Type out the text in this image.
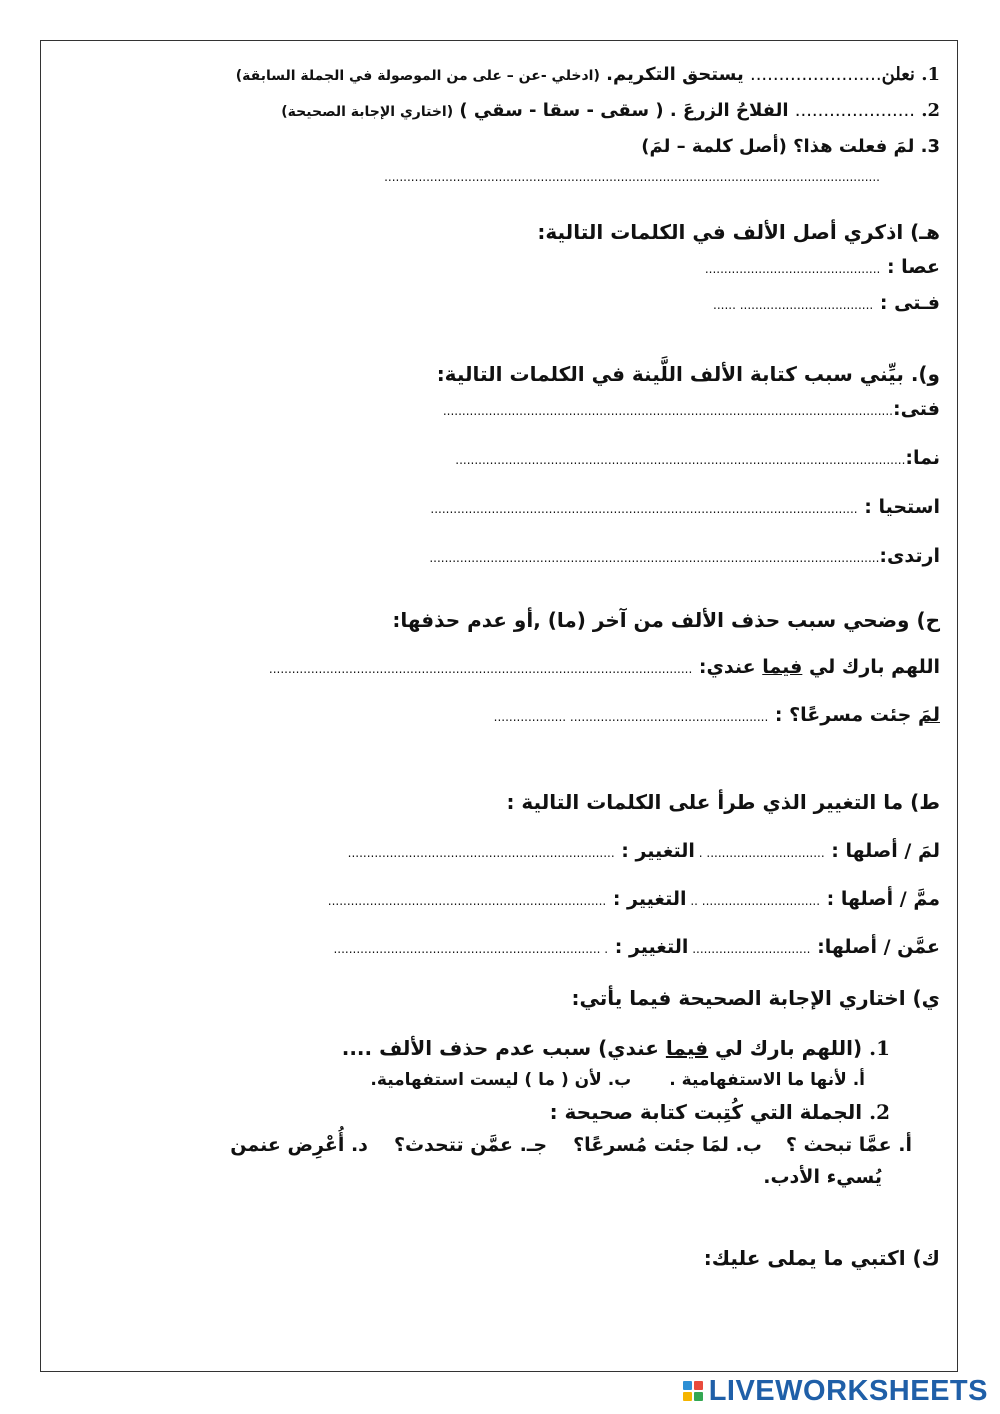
1. نعلن....................... يستحق التكريم. (ادخلي -عن – على من الموصولة في الجملة السابقة)
2. ..................... الفلاحُ الزرعَ . ( سقى - سقا - سقي ) (اختاري الإجابة الصحيحة)
3. لمَ فعلت هذا؟ (أصل كلمة – لمَ)
..................................................................................................................................
هـ) اذكري أصل الألف في الكلمات التالية:
عصا : ..............................................
فـتى : ................................... ......
و). بيِّني سبب كتابة الألف اللَّينة في الكلمات التالية:
فتى:......................................................................................................................
نما:......................................................................................................................
استحيا : ................................................................................................................
ارتدى:......................................................................................................................
ح) وضحي سبب حذف الألف من آخر (ما) ,أو عدم حذفها:
اللهم بارك لي فيما عندي: ...............................................................................................................
لمَ جئت مسرعًا؟ : .................................................... ...................
ط) ما التغيير الذي طرأ على الكلمات التالية :
لمَ / أصلها : ............................... . التغيير : ......................................................................
ممَّ / أصلها : ............................... .. التغيير : .........................................................................
عمَّن / أصلها: ............................... التغيير : . ......................................................................
ي) اختاري الإجابة الصحيحة فيما يأتي:
1. (اللهم بارك لي فيما عندي) سبب عدم حذف الألف ....
أ. لأنها ما الاستفهامية .ب. لأن ( ما ) ليست استفهامية.
2. الجملة التي كُتِبت كتابة صحيحة :
أ. عمَّا تبحث ؟ب. لمَا جئت مُسرعًا؟جـ. عمَّن تتحدث؟د. أُعْرِض عنمن
يُسيء الأدب.
ك) اكتبي ما يملى عليك:
LIVEWORKSHEETS
